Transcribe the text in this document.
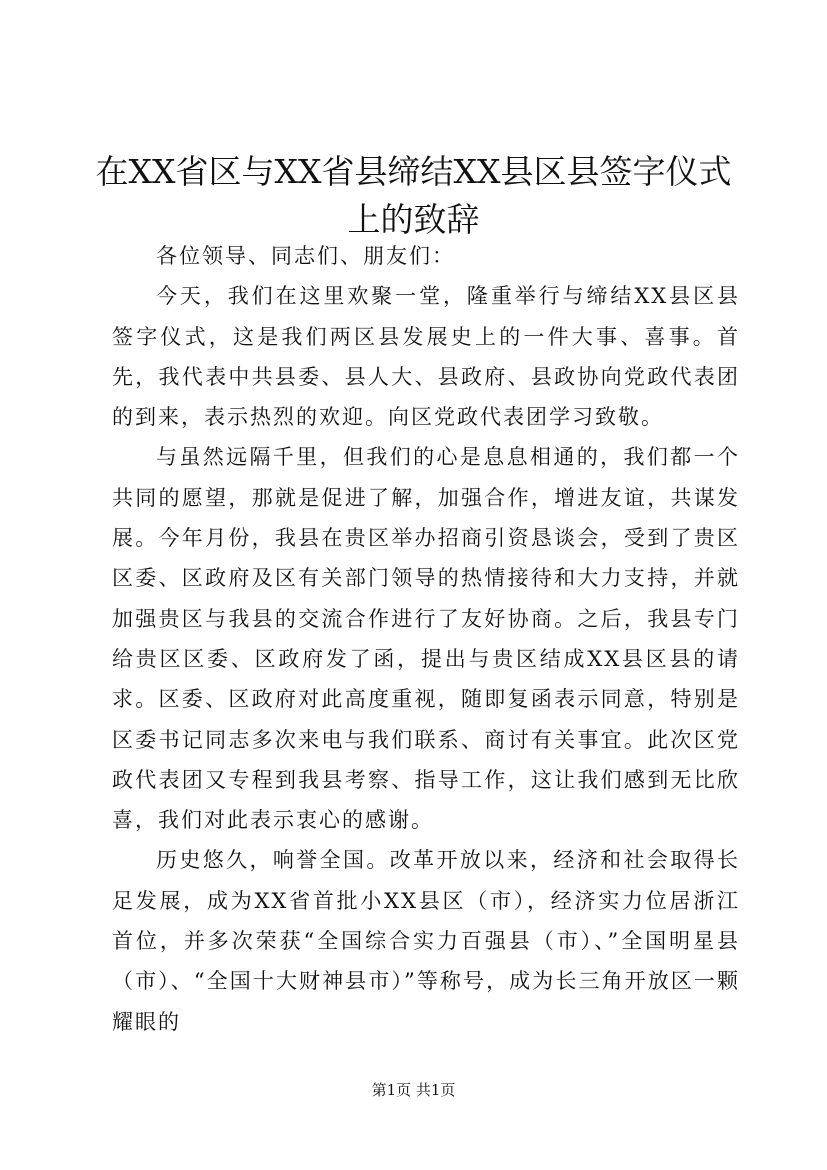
在XX省区与XX省县缔结XX县区县签字仪式
上的致辞

各位领导、同志们、朋友们：

今天，我们在这里欢聚一堂，隆重举行与缔结XX县区县签字仪式，这是我们两区县发展史上的一件大事、喜事。首先，我代表中共县委、县人大、县政府、县政协向党政代表团的到来，表示热烈的欢迎。向区党政代表团学习致敬。

与虽然远隔千里，但我们的心是息息相通的，我们都一个共同的愿望，那就是促进了解，加强合作，增进友谊，共谋发展。今年月份，我县在贵区举办招商引资恳谈会，受到了贵区区委、区政府及区有关部门领导的热情接待和大力支持，并就加强贵区与我县的交流合作进行了友好协商。之后，我县专门给贵区区委、区政府发了函，提出与贵区结成XX县区县的请求。区委、区政府对此高度重视，随即复函表示同意，特别是区委书记同志多次来电与我们联系、商讨有关事宜。此次区党政代表团又专程到我县考察、指导工作，这让我们感到无比欣喜，我们对此表示衷心的感谢。

历史悠久，响誉全国。改革开放以来，经济和社会取得长足发展，成为XX省首批小XX县区（市），经济实力位居浙江首位，并多次荣获“全国综合实力百强县（市）、”全国明星县（市）、“全国十大财神县市）”等称号，成为长三角开放区一颗耀眼的

第1页 共1页
